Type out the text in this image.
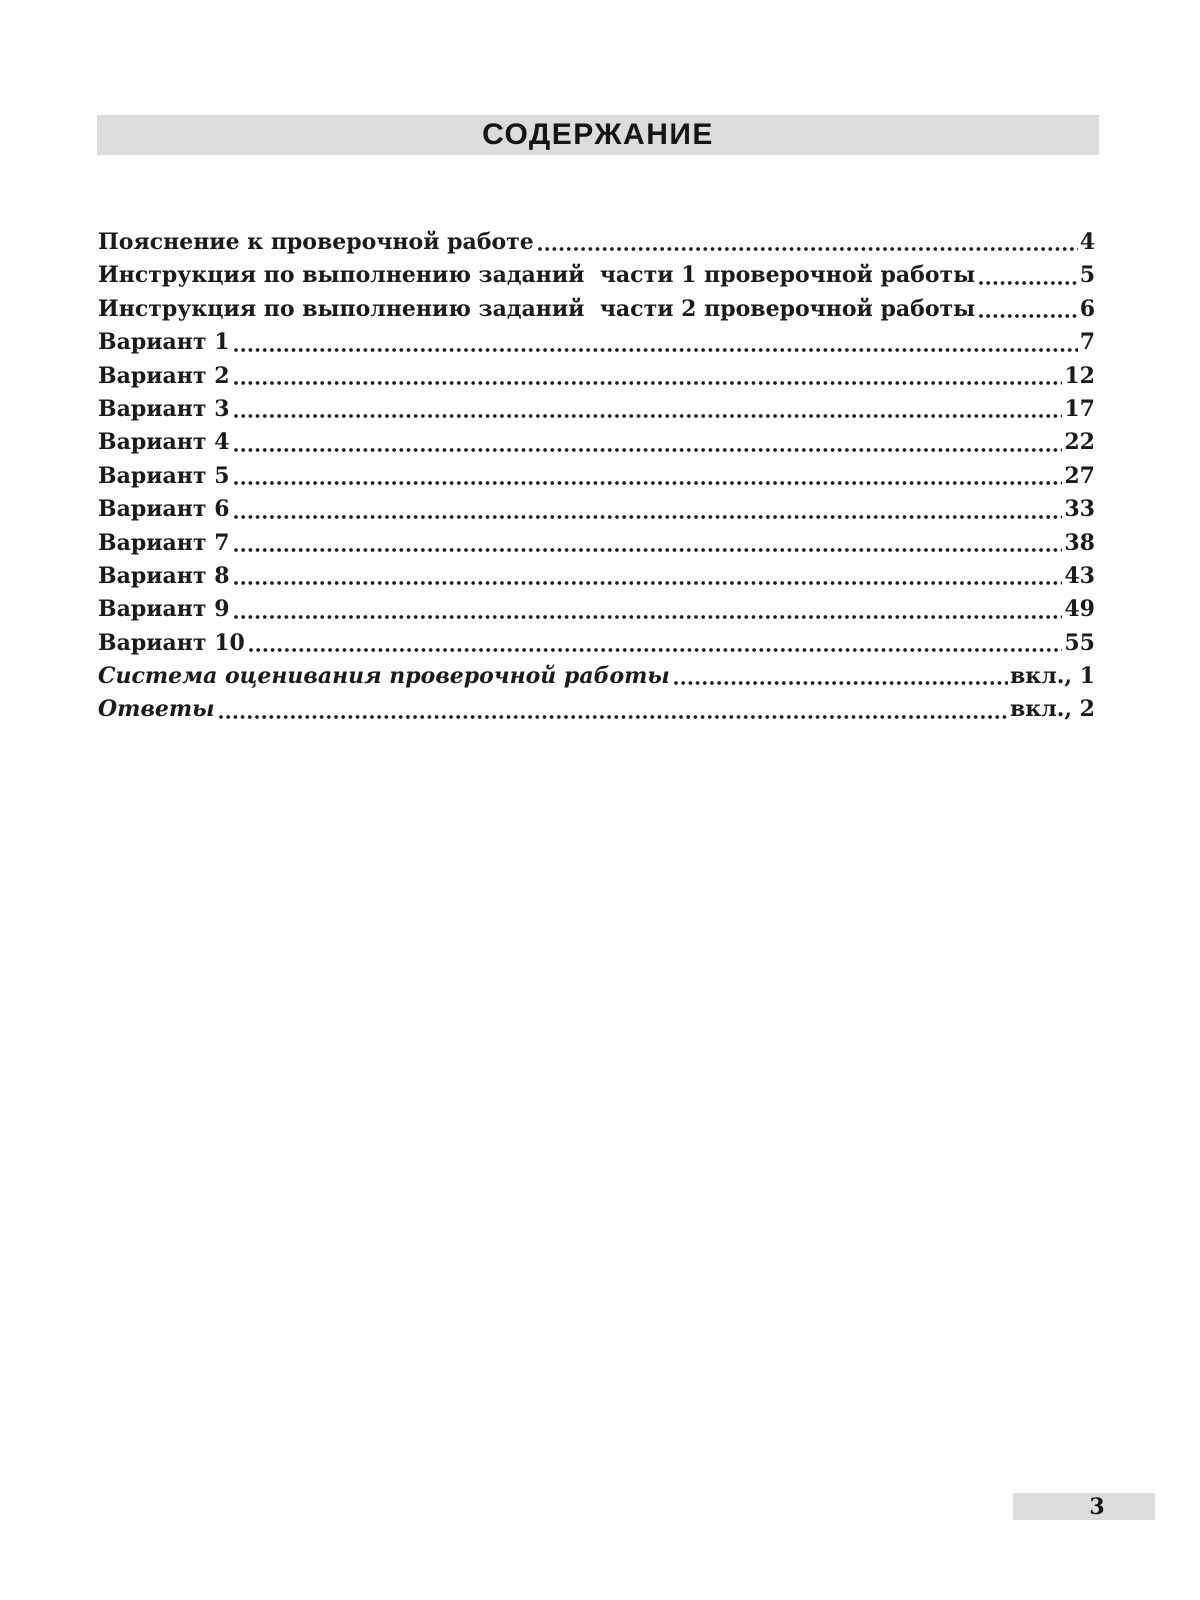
СОДЕРЖАНИЕ
Пояснение к проверочной работе	4
Инструкция по выполнению заданий  части 1 проверочной работы	5
Инструкция по выполнению заданий  части 2 проверочной работы	6
Вариант 1	7
Вариант 2	12
Вариант 3	17
Вариант 4	22
Вариант 5	27
Вариант 6	33
Вариант 7	38
Вариант 8	43
Вариант 9	49
Вариант 10	55
Система оценивания проверочной работы	вкл., 1
Ответы	вкл., 2
3
